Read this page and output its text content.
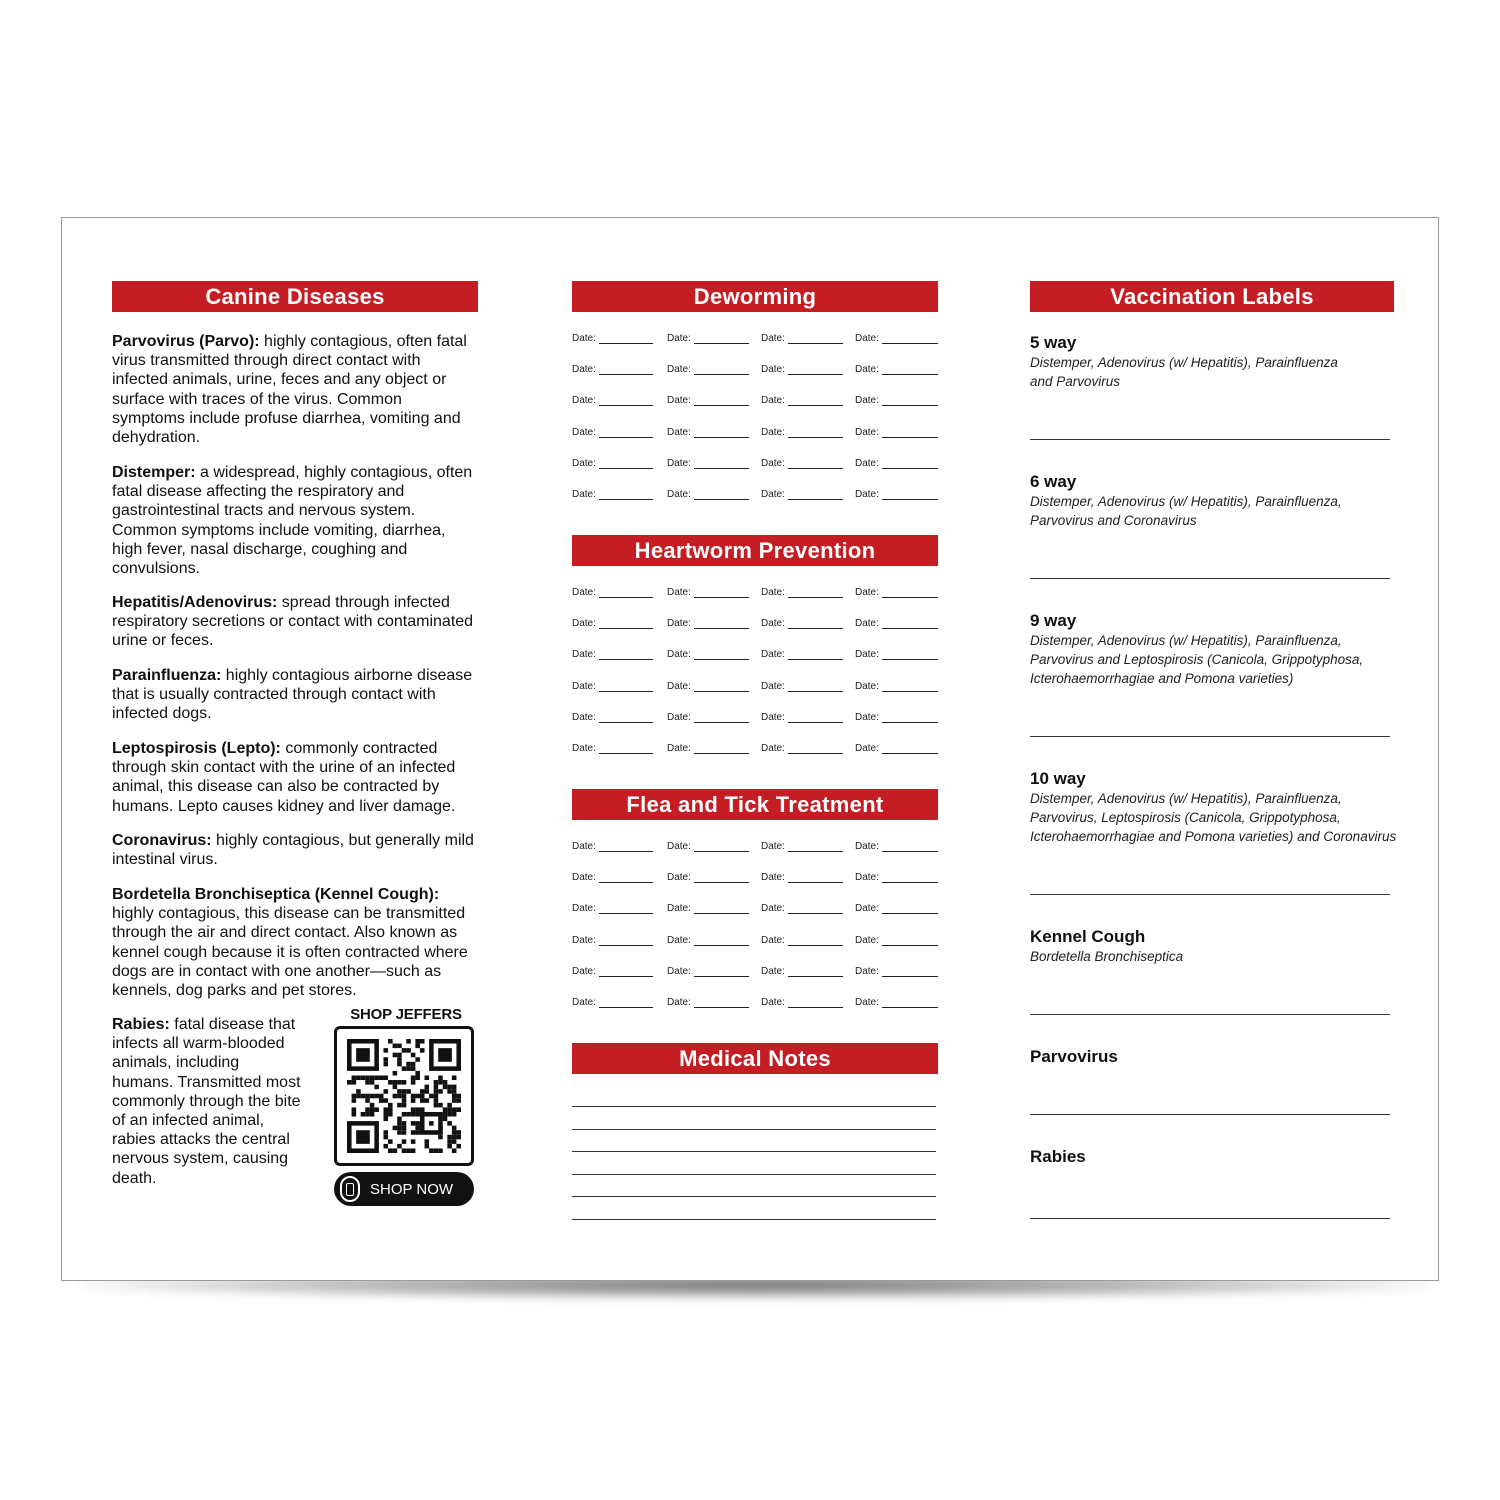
Canine Diseases

Parvovirus (Parvo): highly contagious, often fatal virus transmitted through direct contact with infected animals, urine, feces and any object or surface with traces of the virus. Common symptoms include profuse diarrhea, vomiting and dehydration.

Distemper: a widespread, highly contagious, often fatal disease affecting the respiratory and gastrointestinal tracts and nervous system. Common symptoms include vomiting, diarrhea, high fever, nasal discharge, coughing and convulsions.

Hepatitis/Adenovirus: spread through infected respiratory secretions or contact with contaminated urine or feces.

Parainfluenza: highly contagious airborne disease that is usually contracted through contact with infected dogs.

Leptospirosis (Lepto): commonly contracted through skin contact with the urine of an infected animal, this disease can also be contracted by humans. Lepto causes kidney and liver damage.

Coronavirus: highly contagious, but generally mild intestinal virus.

Bordetella Bronchiseptica (Kennel Cough): highly contagious, this disease can be transmitted through the air and direct contact. Also known as kennel cough because it is often contracted where dogs are in contact with one another—such as kennels, dog parks and pet stores.

Rabies: fatal disease that infects all warm-blooded animals, including humans. Transmitted most commonly through the bite of an infected animal, rabies attacks the central nervous system, causing death.

SHOP JEFFERS
SHOP NOW
Deworming
Date:	Date:	Date:	Date:
Date:	Date:	Date:	Date:
Date:	Date:	Date:	Date:
Date:	Date:	Date:	Date:
Date:	Date:	Date:	Date:
Date:	Date:	Date:	Date:
Heartworm Prevention
Date:	Date:	Date:	Date:
Date:	Date:	Date:	Date:
Date:	Date:	Date:	Date:
Date:	Date:	Date:	Date:
Date:	Date:	Date:	Date:
Date:	Date:	Date:	Date:
Flea and Tick Treatment
Date:	Date:	Date:	Date:
Date:	Date:	Date:	Date:
Date:	Date:	Date:	Date:
Date:	Date:	Date:	Date:
Date:	Date:	Date:	Date:
Date:	Date:	Date:	Date:
Medical Notes
Vaccination Labels
5 way
Distemper, Adenovirus (w/ Hepatitis), Parainfluenza and Parvovirus
6 way
Distemper, Adenovirus (w/ Hepatitis), Parainfluenza, Parvovirus and Coronavirus
9 way
Distemper, Adenovirus (w/ Hepatitis), Parainfluenza, Parvovirus and Leptospirosis (Canicola, Grippotyphosa, Icterohaemorrhagiae and Pomona varieties)
10 way
Distemper, Adenovirus (w/ Hepatitis), Parainfluenza, Parvovirus, Leptospirosis (Canicola, Grippotyphosa, Icterohaemorrhagiae and Pomona varieties) and Coronavirus
Kennel Cough
Bordetella Bronchiseptica
Parvovirus
Rabies
